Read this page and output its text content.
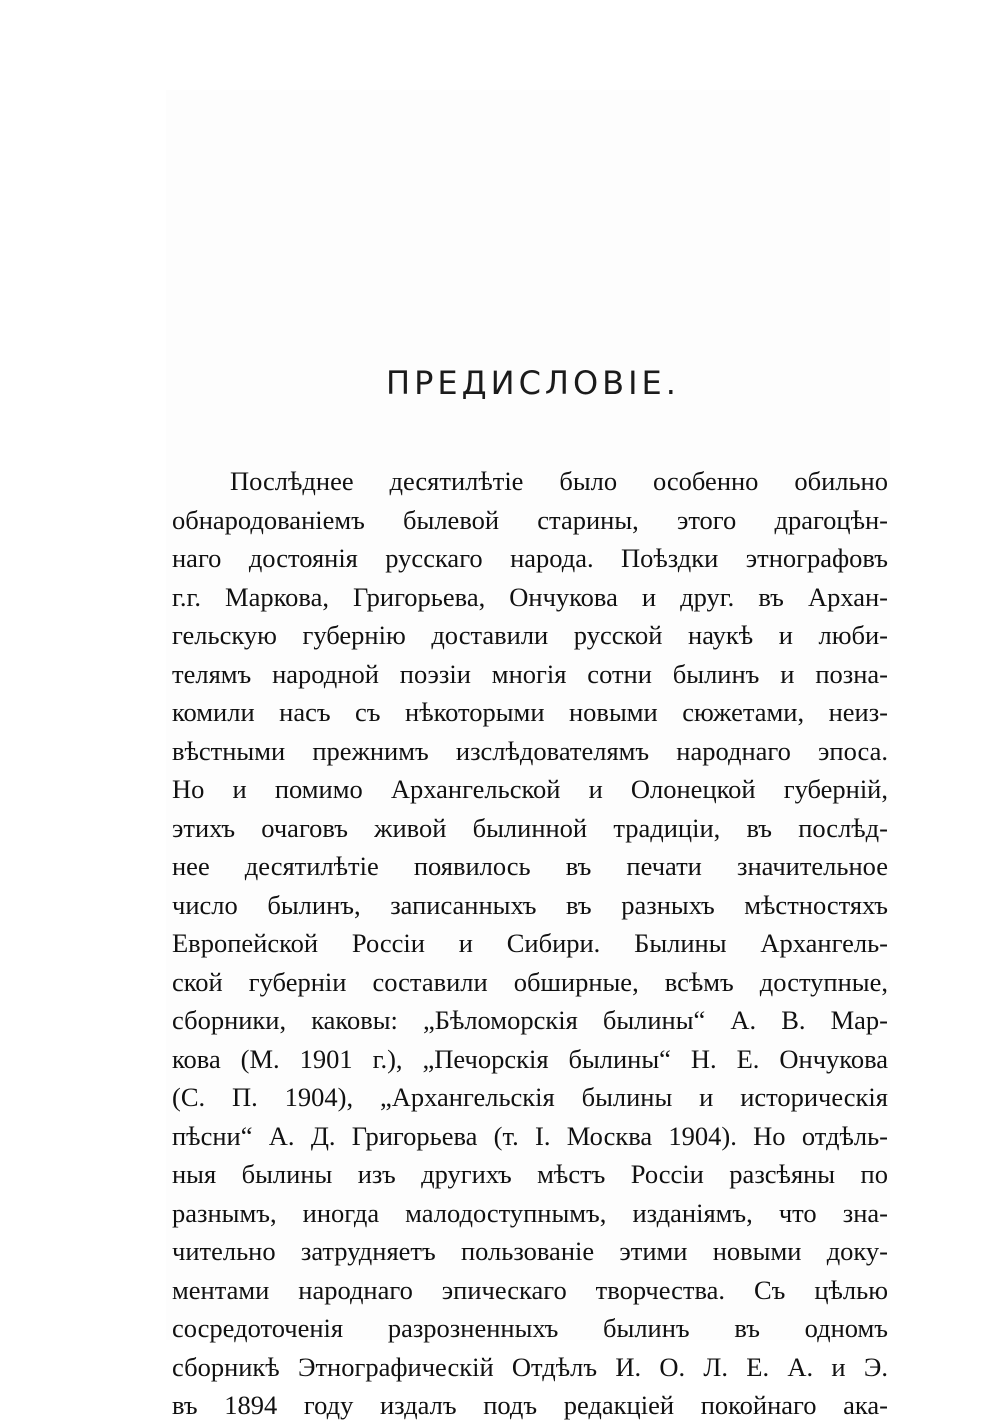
ПРЕДИСЛОВІЕ.
Послѣднее десятилѣтіе было особенно обильно
обнародованіемъ былевой старины, этого драгоцѣн-
наго достоянія русскаго народа. Поѣздки этнографовъ
г.г. Маркова, Григорьева, Ончукова и друг. въ Архан-
гельскую губернію доставили русской наукѣ и люби-
телямъ народной поэзіи многія сотни былинъ и позна-
комили насъ съ нѣкоторыми новыми сюжетами, неиз-
вѣстными прежнимъ изслѣдователямъ народнаго эпоса.
Но и помимо Архангельской и Олонецкой губерній,
этихъ очаговъ живой былинной традиціи, въ послѣд-
нее десятилѣтіе появилось въ печати значительное
число былинъ, записанныхъ въ разныхъ мѣстностяхъ
Европейской Россіи и Сибири. Былины Архангель-
ской губерніи составили обширные, всѣмъ доступные,
сборники, каковы: „Бѣломорскія былины“ А. В. Мар-
кова (М. 1901 г.), „Печорскія былины“ Н. Е. Ончукова
(С. П. 1904), „Архангельскія былины и историческія
пѣсни“ А. Д. Григорьева (т. I. Москва 1904). Но отдѣль-
ныя былины изъ другихъ мѣстъ Россіи разсѣяны по
разнымъ, иногда малодоступнымъ, изданіямъ, что зна-
чительно затрудняетъ пользованіе этими новыми доку-
ментами народнаго эпическаго творчества. Съ цѣлью
сосредоточенія разрозненныхъ былинъ въ одномъ
сборникѣ Этнографическій Отдѣлъ И. О. Л. Е. А. и Э.
въ 1894 году издалъ подъ редакціей покойнаго ака-
